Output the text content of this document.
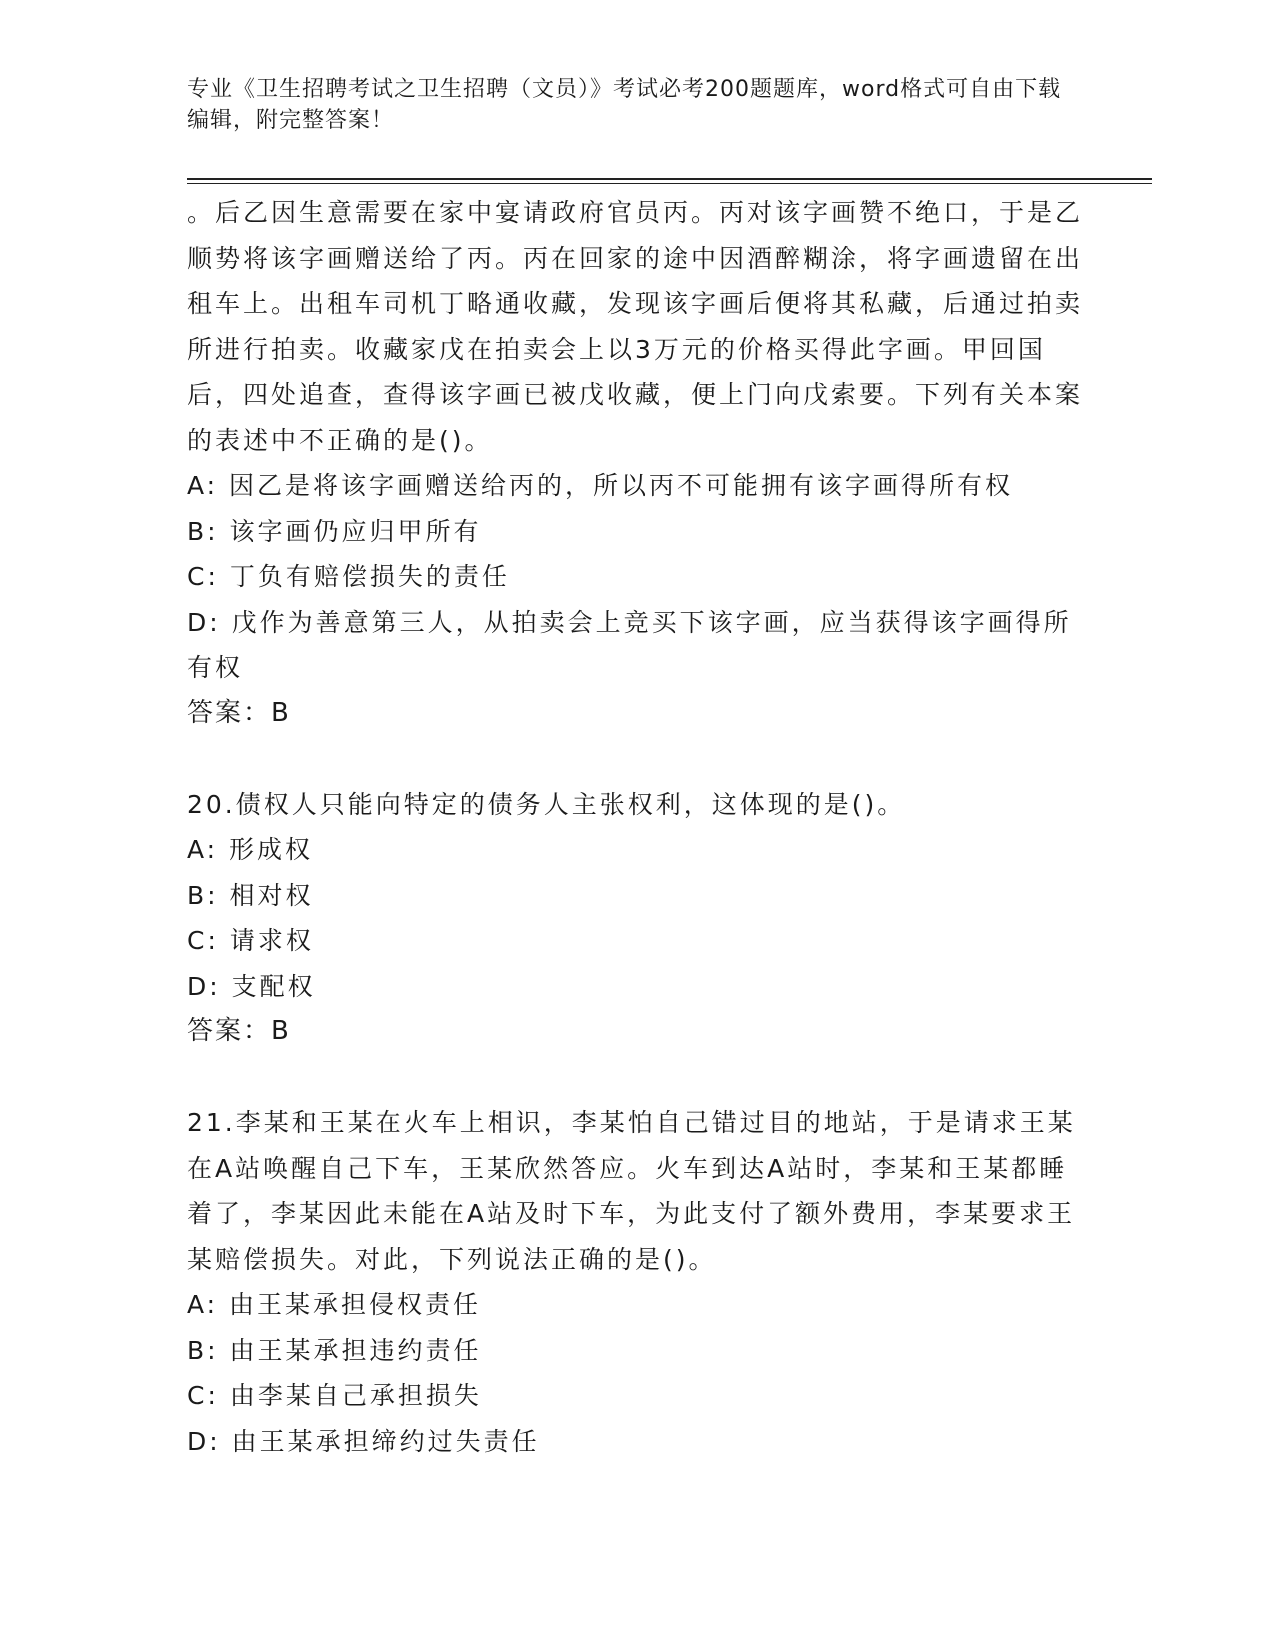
专业《卫生招聘考试之卫生招聘（文员）》考试必考200题题库，word格式可自由下载编辑，附完整答案！

。后乙因生意需要在家中宴请政府官员丙。丙对该字画赞不绝口，于是乙顺势将该字画赠送给了丙。丙在回家的途中因酒醉糊涂，将字画遗留在出租车上。出租车司机丁略通收藏，发现该字画后便将其私藏，后通过拍卖所进行拍卖。收藏家戊在拍卖会上以3万元的价格买得此字画。甲回国后，四处追查，查得该字画已被戊收藏，便上门向戊索要。下列有关本案的表述中不正确的是()。

A: 因乙是将该字画赠送给丙的，所以丙不可能拥有该字画得所有权

B: 该字画仍应归甲所有

C: 丁负有赔偿损失的责任

D: 戊作为善意第三人，从拍卖会上竞买下该字画，应当获得该字画得所有权

答案：B

20.债权人只能向特定的债务人主张权利，这体现的是()。

A: 形成权

B: 相对权

C: 请求权

D: 支配权

答案：B

21.李某和王某在火车上相识，李某怕自己错过目的地站，于是请求王某在A站唤醒自己下车，王某欣然答应。火车到达A站时，李某和王某都睡着了，李某因此未能在A站及时下车，为此支付了额外费用，李某要求王某赔偿损失。对此，下列说法正确的是()。

A: 由王某承担侵权责任

B: 由王某承担违约责任

C: 由李某自己承担损失

D: 由王某承担缔约过失责任
